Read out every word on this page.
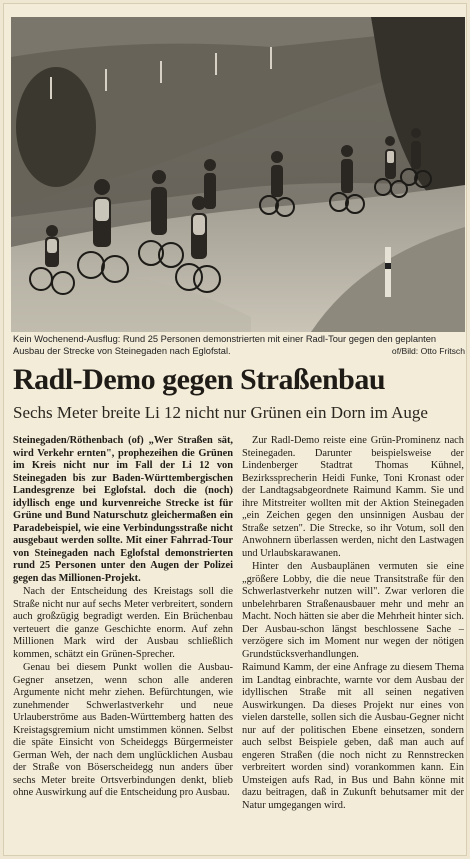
Kein Wochenend-Ausflug: Rund 25 Personen demonstrierten mit einer Radl-Tour gegen den geplanten Ausbau der Strecke von Steinegaden nach Eglofstal.	of/Bild: Otto Fritsch
Radl-Demo gegen Straßenbau
Sechs Meter breite Li 12 nicht nur Grünen ein Dorn im Auge

Steinegaden/Röthenbach (of) „Wer Straßen sät, wird Verkehr ernten", prophezeihen die Grünen im Kreis nicht nur im Fall der Li 12 von Steinegaden bis zur Baden-Württembergischen Landesgrenze bei Eglofstal. doch die (noch) idyllisch enge und kurvenreiche Strecke ist für Grüne und Bund Naturschutz gleichermaßen ein Paradebeispiel, wie eine Verbindungsstraße nicht ausgebaut werden sollte. Mit einer Fahrrad-Tour von Steinegaden nach Eglofstal demonstrierten rund 25 Personen unter den Augen der Polizei gegen das Millionen-Projekt.

Nach der Entscheidung des Kreistags soll die Straße nicht nur auf sechs Meter verbreitert, sondern auch großzügig begradigt werden. Ein Brüchenbau verteuert die ganze Geschichte enorm. Auf zehn Millionen Mark wird der Ausbau schließlich kommen, schätzt ein Grünen-Sprecher.

Genau bei diesem Punkt wollen die Ausbau-Gegner ansetzen, wenn schon alle anderen Argumente nicht mehr ziehen. Befürchtungen, wie zunehmender Schwerlastverkehr und neue Urlauberströme aus Baden-Württemberg hatten des Kreistagsgremium nicht umstimmen können. Selbst die späte Einsicht von Scheideggs Bürgermeister German Weh, der nach dem unglücklichen Ausbau der Straße von Böserscheidegg nun anders über sechs Meter breite Ortsverbindungen denkt, blieb ohne Auswirkung auf die Entscheidung pro Ausbau.

Zur Radl-Demo reiste eine Grün-Prominenz nach Steinegaden. Darunter beispielsweise der Lindenberger Stadtrat Thomas Kühnel, Bezirkssprecherin Heidi Funke, Toni Kronast oder der Landtagsabgeordnete Raimund Kamm. Sie und ihre Mitstreiter wollten mit der Aktion Steinegaden „ein Zeichen gegen den unsinnigen Ausbau der Straße setzen". Die Strecke, so ihr Votum, soll den Anwohnern überlassen werden, nicht den Lastwagen und Urlaubskarawanen.

Hinter den Ausbauplänen vermuten sie eine „größere Lobby, die die neue Transitstraße für den Schwerlastverkehr nutzen will". Zwar verloren die unbelehrbaren Straßenausbauer mehr und mehr an Macht. Noch hätten sie aber die Mehrheit hinter sich. Der Ausbau-schon längst beschlossene Sache – verzögere sich im Moment nur wegen der nötigen Grundstücksverhandlungen.

Raimund Kamm, der eine Anfrage zu diesem Thema im Landtag einbrachte, warnte vor dem Ausbau der idyllischen Straße mit all seinen negativen Auswirkungen. Da dieses Projekt nur eines von vielen darstelle, sollen sich die Ausbau-Gegner nicht nur auf der politischen Ebene einsetzen, sondern auch selbst Beispiele geben, daß man auch auf engeren Straßen (die noch nicht zu Rennstrecken verbreitert worden sind) vorankommen kann. Ein Umsteigen aufs Rad, in Bus und Bahn könne mit dazu beitragen, daß in Zukunft behutsamer mit der Natur umgegangen wird.
